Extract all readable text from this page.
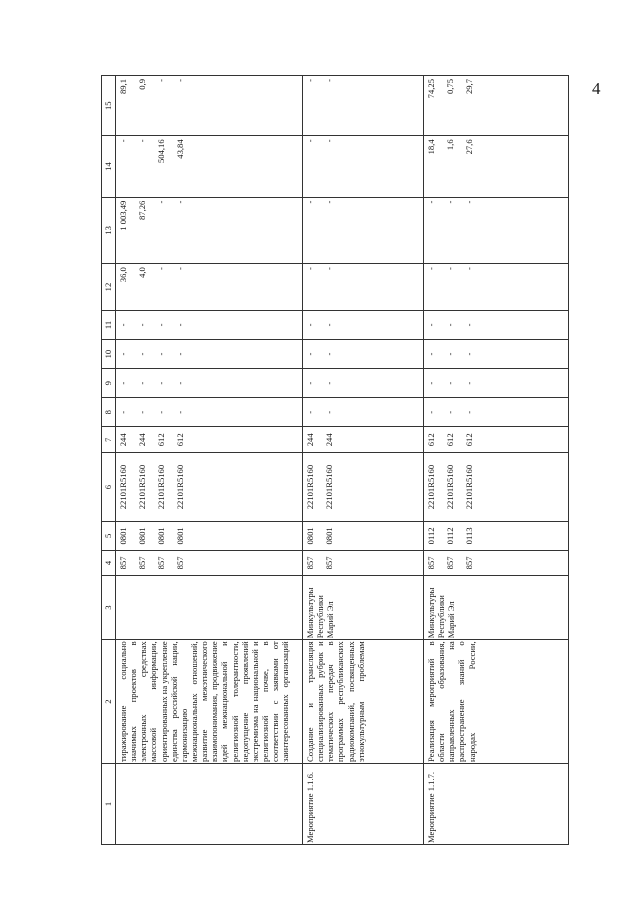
4
1	2	3	4	5	6	7	8	9	10	11	12	13	14	15
	тиражирование социально значимых проектов в электронных средствах массовой информации, ориентированных на укрепление единства российской нации, гармонизацию межнациональных отношений, развитие межэтнического взаимопонимания, продвижение идей межнациональной и религиозной толерантности, недопущение проявлений экстремизма на национальной и религиозной почве, в соответствии с заявками от заинтересованных организаций		857	0801	22101R5160	244	-	-	-	-	36,0	1 003,49	-	89,1
			857	0801	22101R5160	244	-	-	-	-	4,0	87,26	-	0,9
			857	0801	22101R5160	612	-	-	-	-	-	-	504,16	-
			857	0801	22101R5160	612	-	-	-	-	-	-	43,84	-

Мероприятие 1.1.6.	Создание и трансляция специализированных рубрик и тематических передач в программах республиканских радиокомпаний, посвященных этнокультурным проблемам	Минкультуры
Республики
Марий Эл	857	0801	22101R5160	244	-	-	-	-	-	-	-	-
			857	0801	22101R5160	244	-	-	-	-	-	-	-	-

Мероприятие 1.1.7.	Реализация мероприятий в области образования, направленных на распространение знаний о народах России,	Минкультуры
Республики
Марий Эл	857	0112	22101R5160	612	-	-	-	-	-	-	18,4	74,25
			857	0112	22101R5160	612	-	-	-	-	-	-	1,6	0,75
			857	0113	22101R5160	612	-	-	-	-	-	-	27,6	29,7
